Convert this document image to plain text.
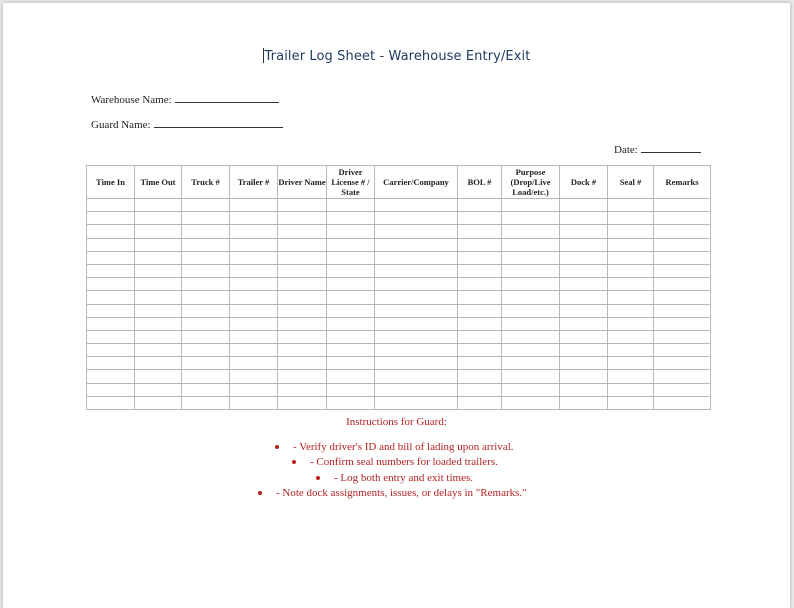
Trailer Log Sheet - Warehouse Entry/Exit
Warehouse Name:
Guard Name:
Date:
Time In	Time Out	Truck #	Trailer #	Driver Name	Driver License # / State	Carrier/Company	BOL #	Purpose (Drop/Live Load/etc.)	Dock #	Seal #	Remarks

Instructions for Guard:
- Verify driver's ID and bill of lading upon arrival.
- Confirm seal numbers for loaded trailers.
- Log both entry and exit times.
- Note dock assignments, issues, or delays in "Remarks."
